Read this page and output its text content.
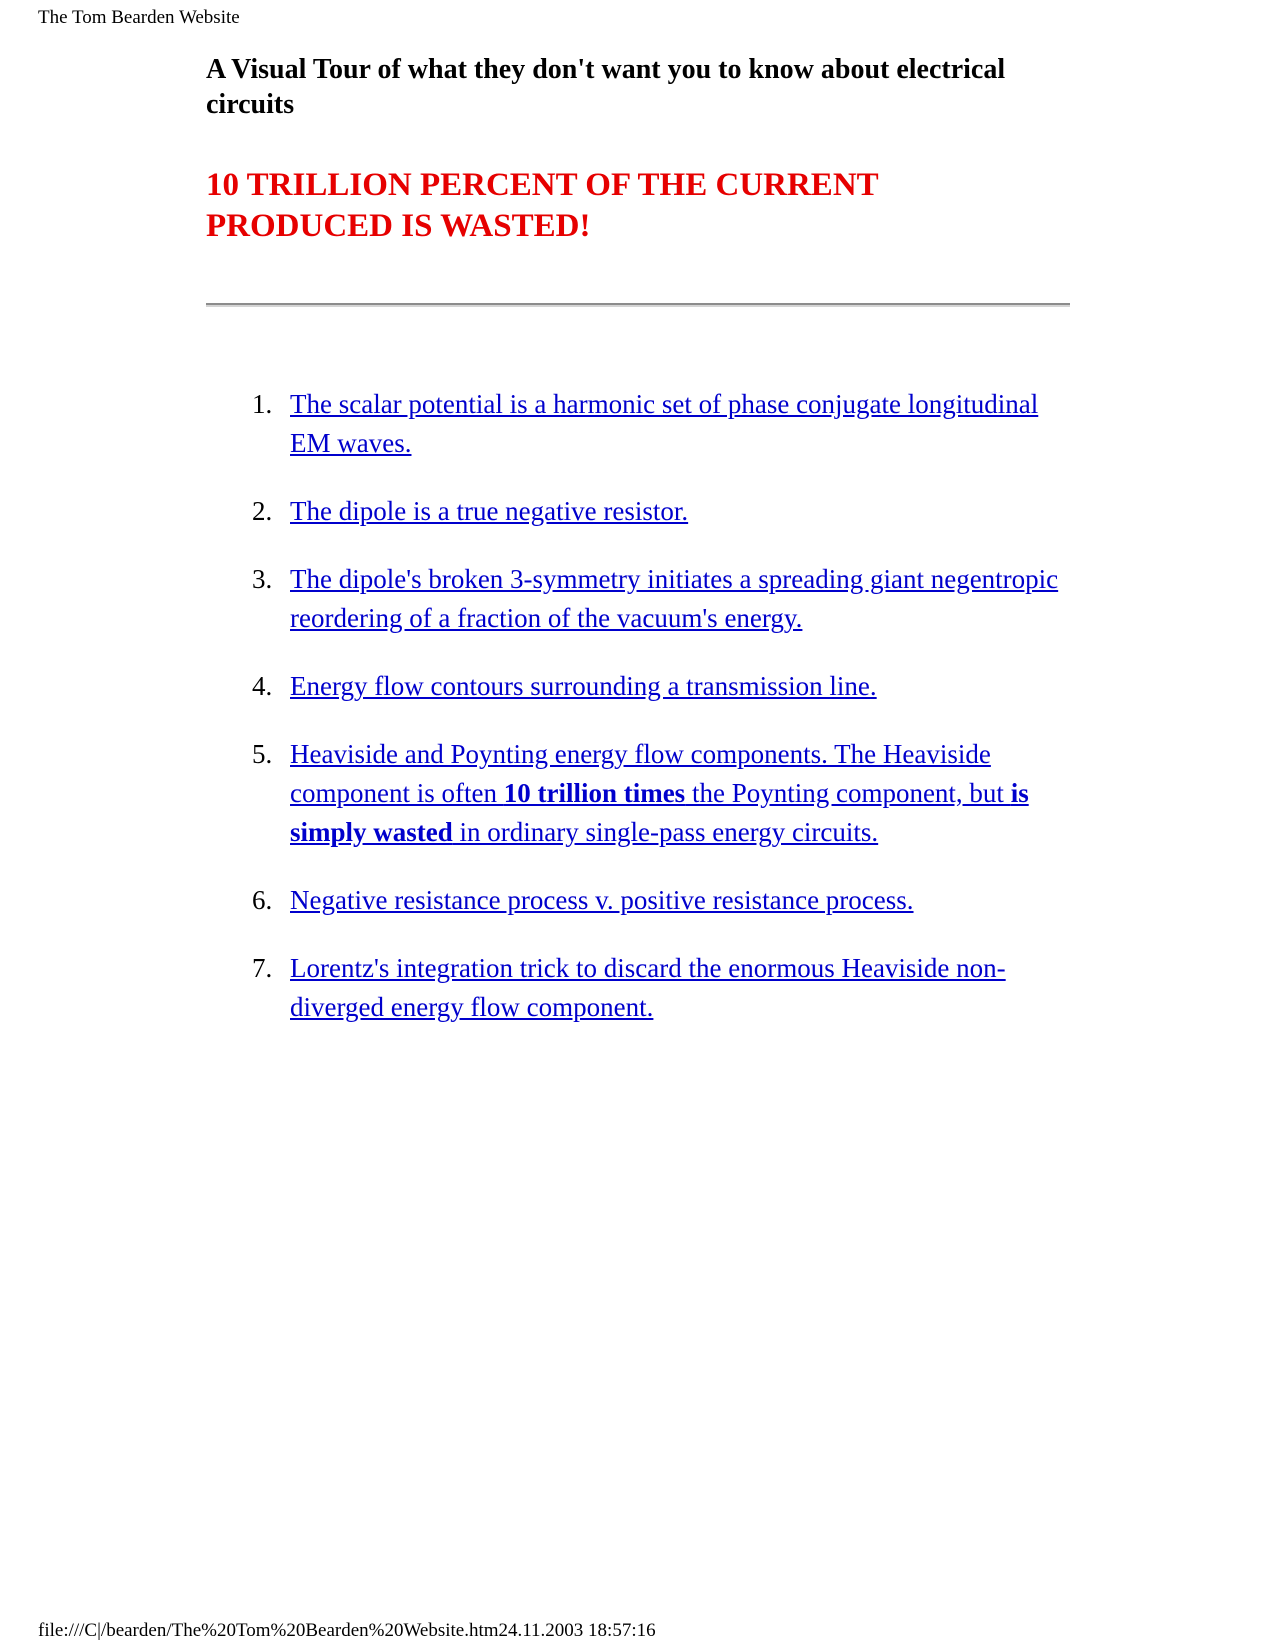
The Tom Bearden Website
A Visual Tour of what they don't want you to know about electrical circuits
10 TRILLION PERCENT OF THE CURRENT PRODUCED IS WASTED!
1. The scalar potential is a harmonic set of phase conjugate longitudinal EM waves.
2. The dipole is a true negative resistor.
3. The dipole's broken 3-symmetry initiates a spreading giant negentropic reordering of a fraction of the vacuum's energy.
4. Energy flow contours surrounding a transmission line.
5. Heaviside and Poynting energy flow components. The Heaviside component is often 10 trillion times the Poynting component, but is simply wasted in ordinary single-pass energy circuits.
6. Negative resistance process v. positive resistance process.
7. Lorentz's integration trick to discard the enormous Heaviside non-diverged energy flow component.
file:///C|/bearden/The%20Tom%20Bearden%20Website.htm24.11.2003 18:57:16
